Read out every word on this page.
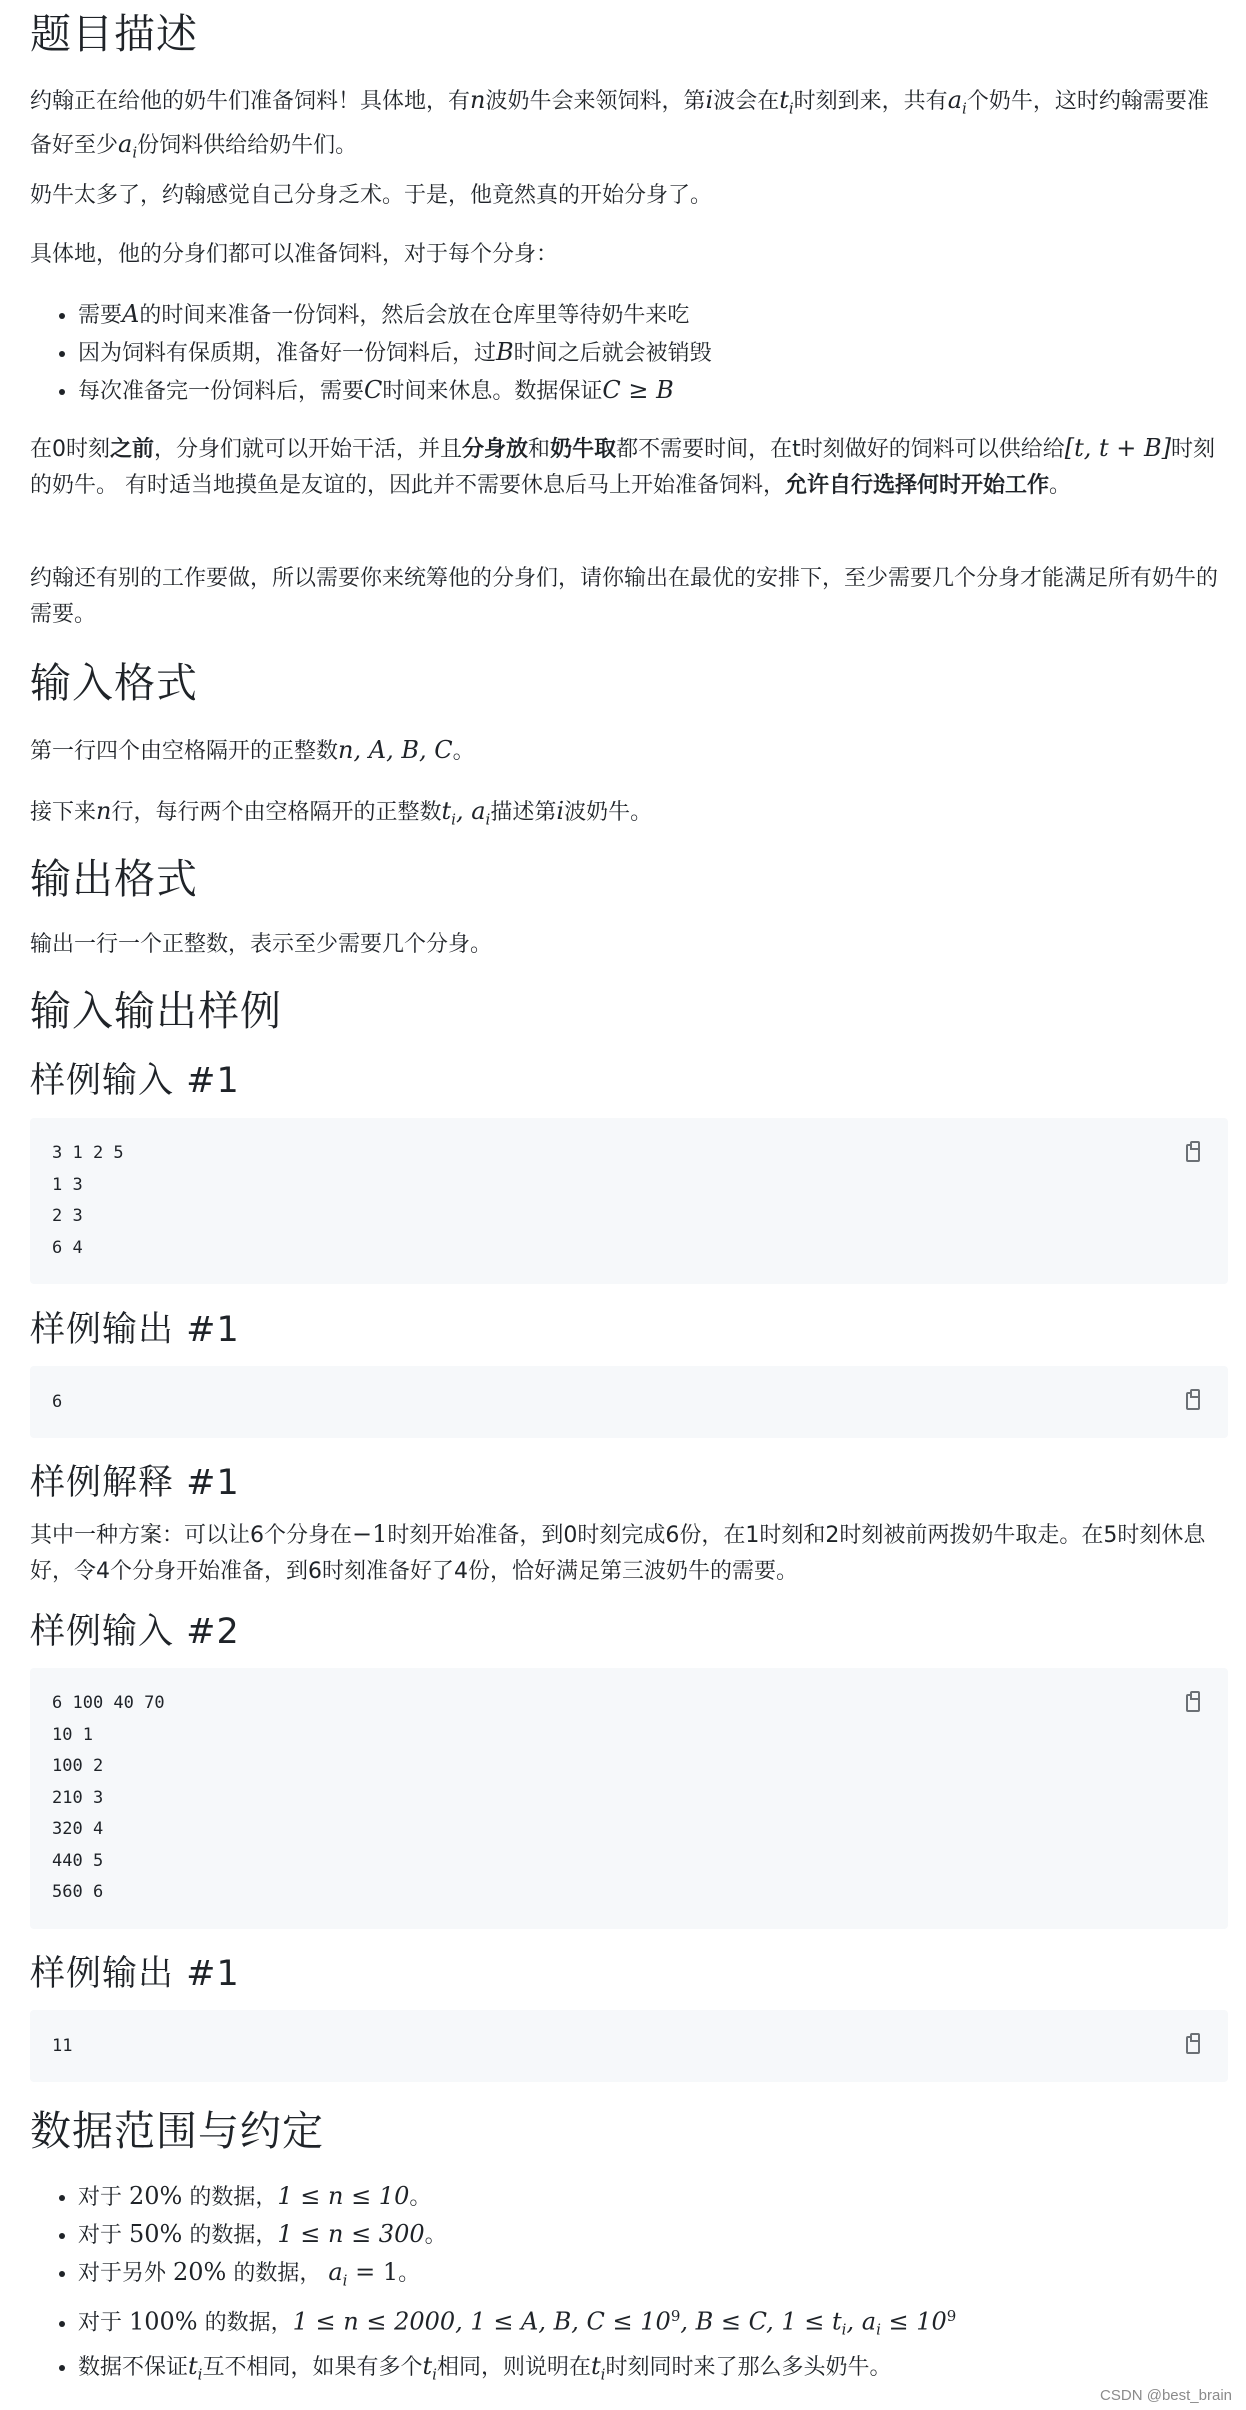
题目描述

约翰正在给他的奶牛们准备饲料！具体地，有n波奶牛会来领饲料，第i波会在$t_i$时刻到来，共有$a_i$个奶牛，这时约翰需要准备好至少$a_i$份饲料供给给奶牛们。

奶牛太多了，约翰感觉自己分身乏术。于是，他竟然真的开始分身了。

具体地，他的分身们都可以准备饲料，对于每个分身：

• 需要A的时间来准备一份饲料，然后会放在仓库里等待奶牛来吃
• 因为饲料有保质期，准备好一份饲料后，过B时间之后就会被销毁
• 每次准备完一份饲料后，需要C时间来休息。数据保证C ≥ B

在0时刻之前，分身们就可以开始干活，并且分身放和奶牛取都不需要时间，在t时刻做好的饲料可以供给给[t, t + B]时刻的奶牛。 有时适当地摸鱼是友谊的，因此并不需要休息后马上开始准备饲料，允许自行选择何时开始工作。

约翰还有别的工作要做，所以需要你来统筹他的分身们，请你输出在最优的安排下，至少需要几个分身才能满足所有奶牛的需要。

输入格式

第一行四个由空格隔开的正整数n, A, B, C。

接下来n行，每行两个由空格隔开的正整数$t_i$, $a_i$描述第i波奶牛。

输出格式

输出一行一个正整数，表示至少需要几个分身。

输入输出样例
样例输入 #1
3 1 2 5
1 3
2 3
6 4
样例输出 #1
6
样例解释 #1

其中一种方案：可以让6个分身在−1时刻开始准备，到0时刻完成6份，在1时刻和2时刻被前两拨奶牛取走。在5时刻休息好，令4个分身开始准备，到6时刻准备好了4份，恰好满足第三波奶牛的需要。

样例输入 #2
6 100 40 70
10 1
100 2
210 3
320 4
440 5
560 6
样例输出 #1
11
数据范围与约定
• 对于 20% 的数据，1 ≤ n ≤ 10。
• 对于 50% 的数据，1 ≤ n ≤ 300。
• 对于另外 20% 的数据， $a_i = 1$。
• 对于 100% 的数据，1 ≤ n ≤ 2000, 1 ≤ A, B, $C \le 10^9$, B ≤ C, $1 \le t_i$, $a_i \le 10^9$
• 数据不保证$t_i$互不相同，如果有多个$t_i$相同，则说明在$t_i$时刻同时来了那么多头奶牛。
CSDN @best_brain
